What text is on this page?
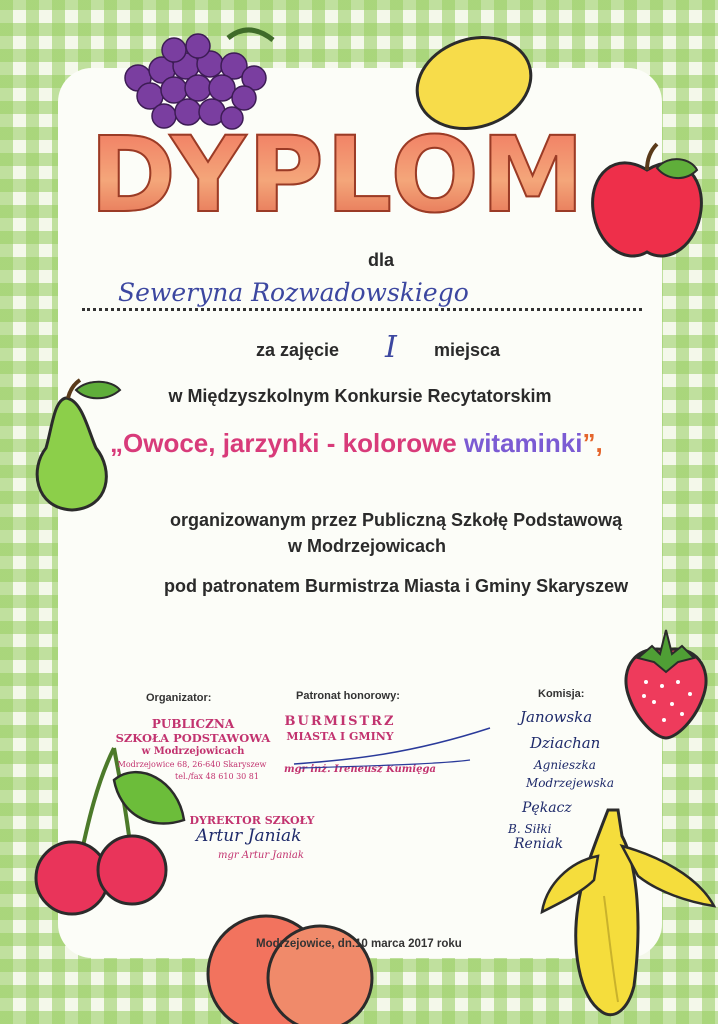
DYPLOM
dla
Seweryna Rozwadowskiego
za zajęcie I miejsca
w Międzyszkolnym Konkursie Recytatorskim
„Owoce, jarzynki - kolorowe witaminki”,
organizowanym przez Publiczną Szkołę Podstawową
w Modrzejowicach
pod patronatem Burmistrza Miasta i Gminy Skaryszew
Organizator:
PUBLICZNA
SZKOŁA PODSTAWOWA
w Modrzejowicach
Modrzejowice 68, 26-640 Skaryszew
tel./fax 48 610 30 81
DYREKTOR SZKOŁY
Artur Janiak
mgr Artur Janiak
Patronat honorowy:
BURMISTRZ
MIASTA I GMINY
mgr inż. Ireneusz Kumięga
Komisja:
Janowska
Dziachan
Agnieszka
Modrzejewska
Pękacz
B. Siłki
Reniak
Modrzejowice, dn.10 marca 2017 roku
